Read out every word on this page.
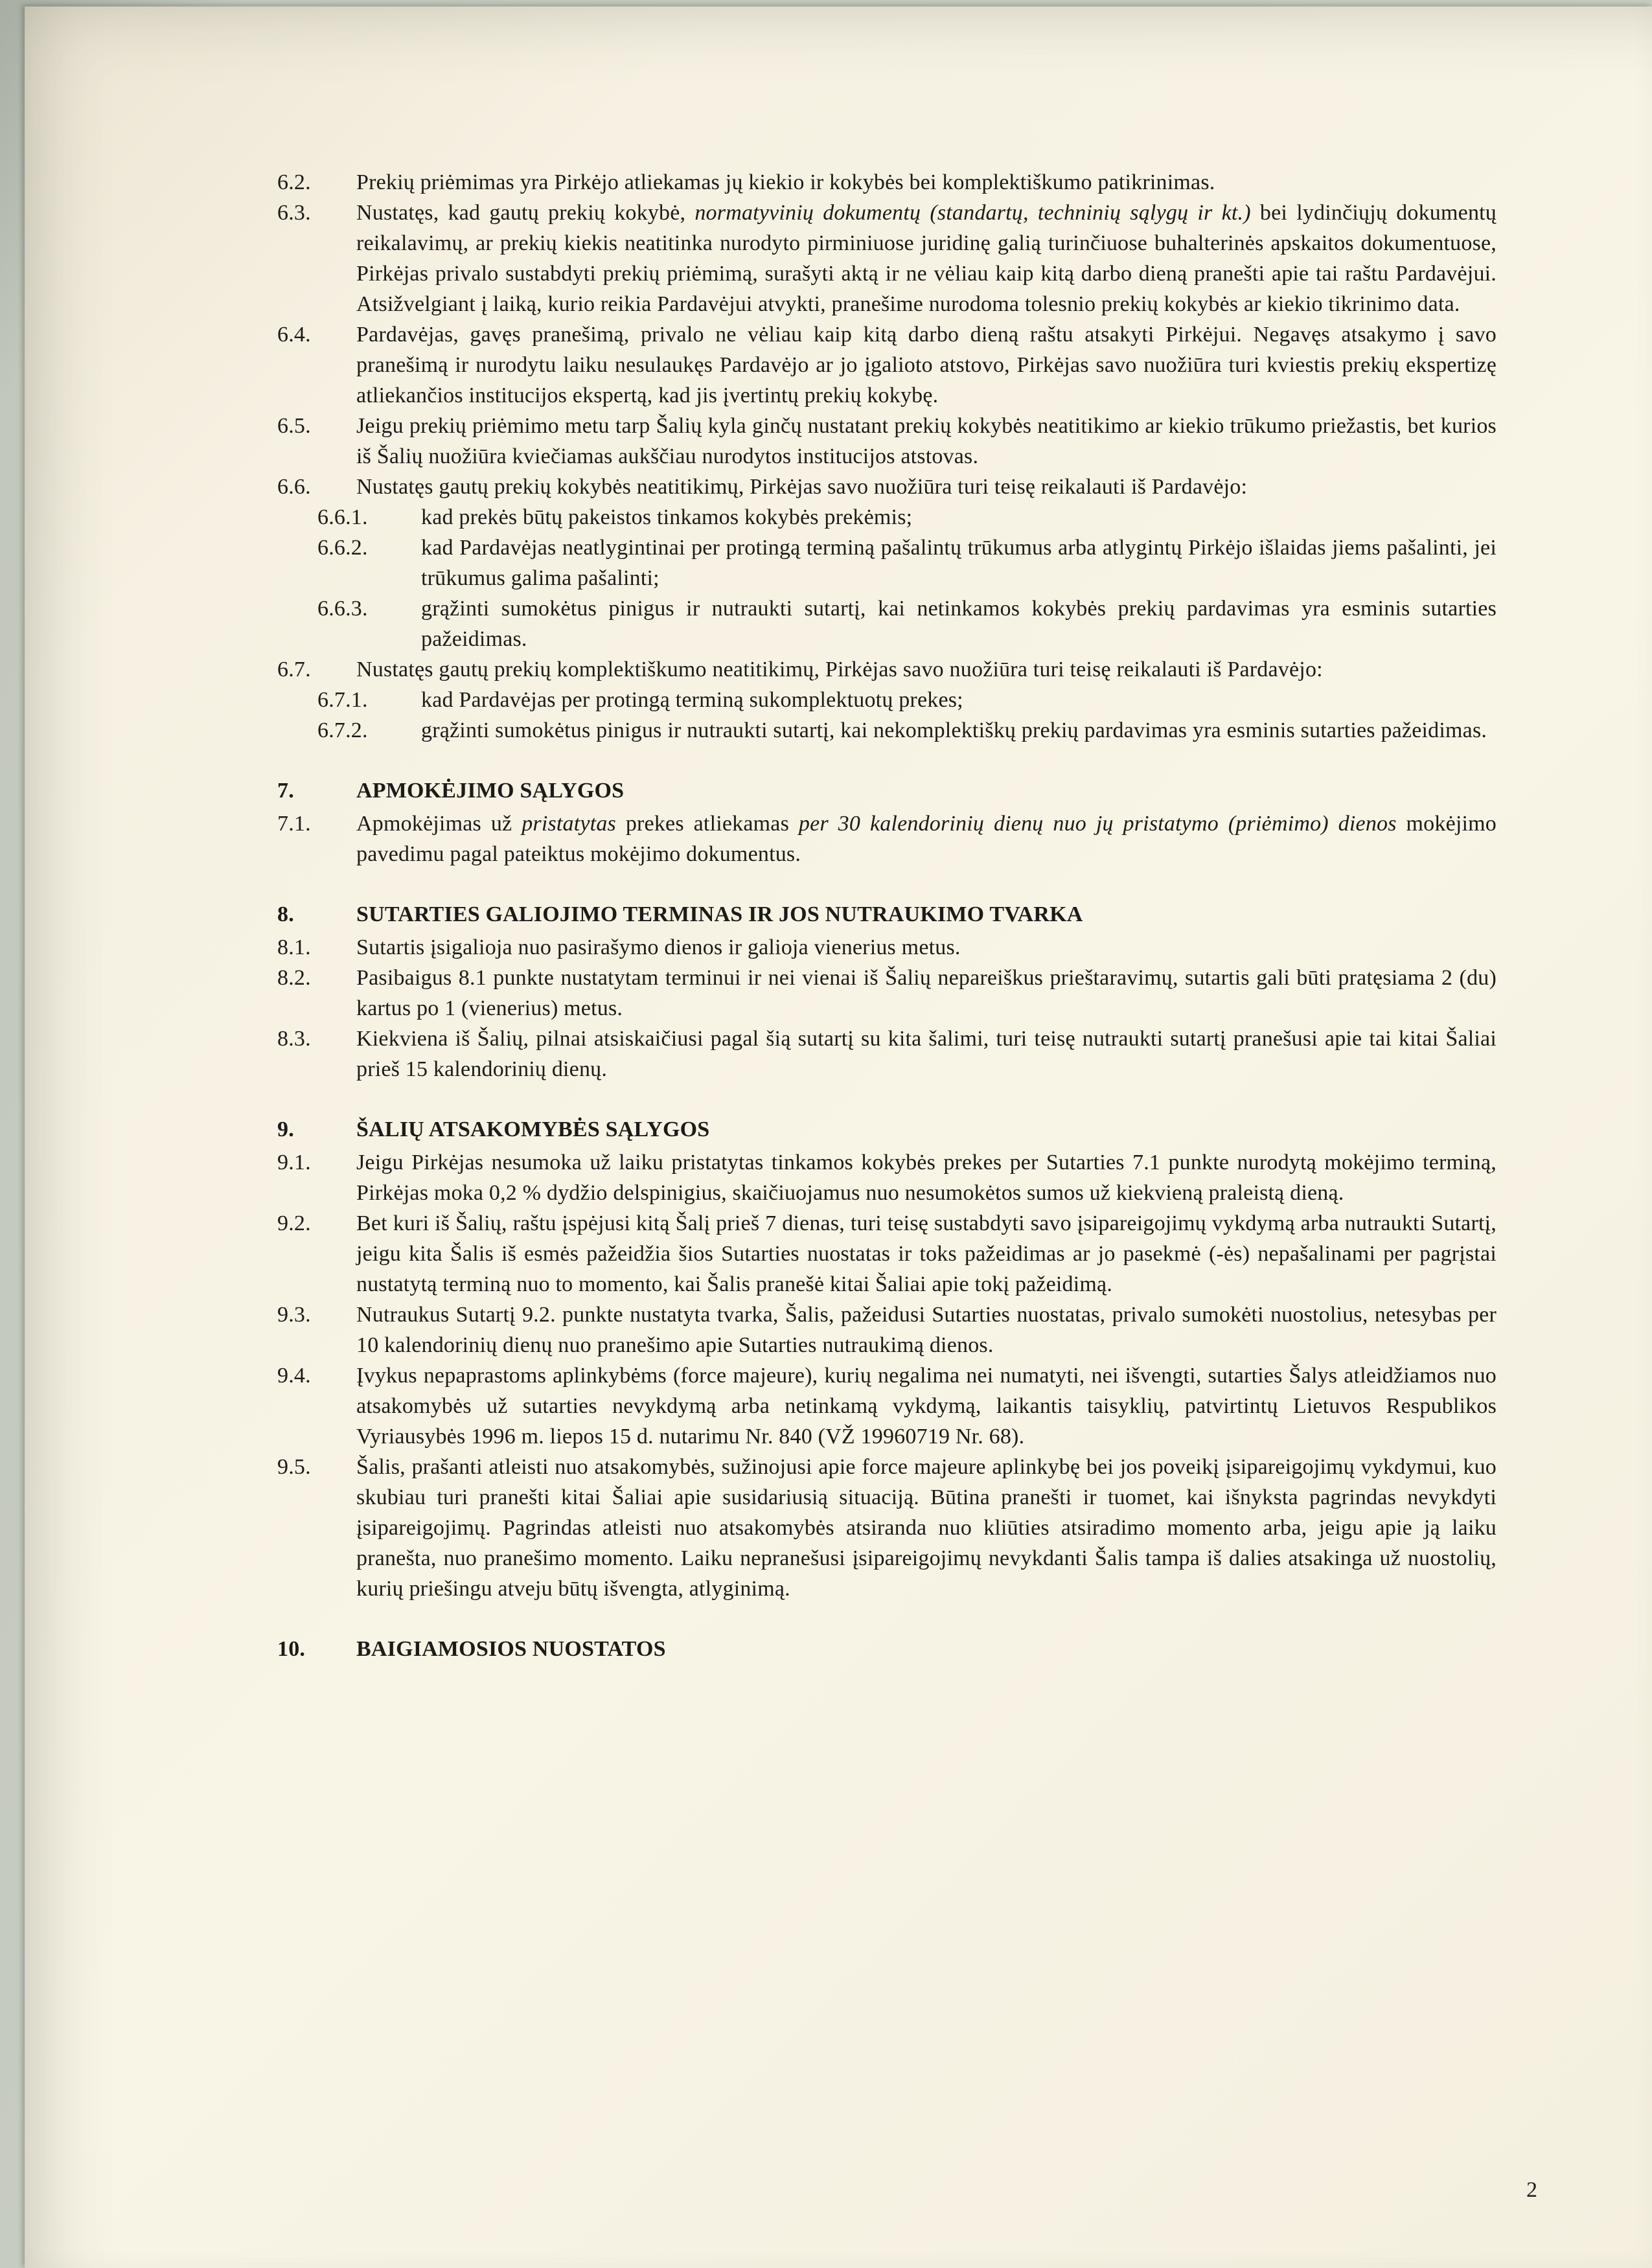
6.2.	Prekių priėmimas yra Pirkėjo atliekamas jų kiekio ir kokybės bei komplektiškumo patikrinimas.
6.3.	Nustatęs, kad gautų prekių kokybė, normatyvinių dokumentų (standartų, techninių sąlygų ir kt.) bei lydinčiųjų dokumentų reikalavimų, ar prekių kiekis neatitinka nurodyto pirminiuose juridinę galią turinčiuose buhalterinės apskaitos dokumentuose, Pirkėjas privalo sustabdyti prekių priėmimą, surašyti aktą ir ne vėliau kaip kitą darbo dieną pranešti apie tai raštu Pardavėjui. Atsižvelgiant į laiką, kurio reikia Pardavėjui atvykti, pranešime nurodoma tolesnio prekių kokybės ar kiekio tikrinimo data.
6.4.	Pardavėjas, gavęs pranešimą, privalo ne vėliau kaip kitą darbo dieną raštu atsakyti Pirkėjui. Negavęs atsakymo į savo pranešimą ir nurodytu laiku nesulaukęs Pardavėjo ar jo įgalioto atstovo, Pirkėjas savo nuožiūra turi kviestis prekių ekspertizę atliekančios institucijos ekspertą, kad jis įvertintų prekių kokybę.
6.5.	Jeigu prekių priėmimo metu tarp Šalių kyla ginčų nustatant prekių kokybės neatitikimo ar kiekio trūkumo priežastis, bet kurios iš Šalių nuožiūra kviečiamas aukščiau nurodytos institucijos atstovas.
6.6.	Nustatęs gautų prekių kokybės neatitikimų, Pirkėjas savo nuožiūra turi teisę reikalauti iš Pardavėjo:
6.6.1.	kad prekės būtų pakeistos tinkamos kokybės prekėmis;
6.6.2.	kad Pardavėjas neatlygintinai per protingą terminą pašalintų trūkumus arba atlygintų Pirkėjo išlaidas jiems pašalinti, jei trūkumus galima pašalinti;
6.6.3.	grąžinti sumokėtus pinigus ir nutraukti sutartį, kai netinkamos kokybės prekių pardavimas yra esminis sutarties pažeidimas.
6.7.	Nustatęs gautų prekių komplektiškumo neatitikimų, Pirkėjas savo nuožiūra turi teisę reikalauti iš Pardavėjo:
6.7.1.	kad Pardavėjas per protingą terminą sukomplektuotų prekes;
6.7.2.	grąžinti sumokėtus pinigus ir nutraukti sutartį, kai nekomplektiškų prekių pardavimas yra esminis sutarties pažeidimas.
7.	APMOKĖJIMO SĄLYGOS
7.1.	Apmokėjimas už pristatytas prekes atliekamas per 30 kalendorinių dienų nuo jų pristatymo (priėmimo) dienos mokėjimo pavedimu pagal pateiktus mokėjimo dokumentus.
8.	SUTARTIES GALIOJIMO TERMINAS IR JOS NUTRAUKIMO TVARKA
8.1.	Sutartis įsigalioja nuo pasirašymo dienos ir galioja vienerius metus.
8.2.	Pasibaigus 8.1 punkte nustatytam terminui ir nei vienai iš Šalių nepareiškus prieštaravimų, sutartis gali būti pratęsiama 2 (du) kartus po 1 (vienerius) metus.
8.3.	Kiekviena iš Šalių, pilnai atsiskaičiusi pagal šią sutartį su kita šalimi, turi teisę nutraukti sutartį pranešusi apie tai kitai Šaliai prieš 15 kalendorinių dienų.
9.	ŠALIŲ ATSAKOMYBĖS SĄLYGOS
9.1.	Jeigu Pirkėjas nesumoka už laiku pristatytas tinkamos kokybės prekes per Sutarties 7.1 punkte nurodytą mokėjimo terminą, Pirkėjas moka 0,2 % dydžio delspinigius, skaičiuojamus nuo nesumokėtos sumos už kiekvieną praleistą dieną.
9.2.	Bet kuri iš Šalių, raštu įspėjusi kitą Šalį prieš 7 dienas, turi teisę sustabdyti savo įsipareigojimų vykdymą arba nutraukti Sutartį, jeigu kita Šalis iš esmės pažeidžia šios Sutarties nuostatas ir toks pažeidimas ar jo pasekmė (-ės) nepašalinami per pagrįstai nustatytą terminą nuo to momento, kai Šalis pranešė kitai Šaliai apie tokį pažeidimą.
9.3.	Nutraukus Sutartį 9.2. punkte nustatyta tvarka, Šalis, pažeidusi Sutarties nuostatas, privalo sumokėti nuostolius, netesybas per 10 kalendorinių dienų nuo pranešimo apie Sutarties nutraukimą dienos.
9.4.	Įvykus nepaprastoms aplinkybėms (force majeure), kurių negalima nei numatyti, nei išvengti, sutarties Šalys atleidžiamos nuo atsakomybės už sutarties nevykdymą arba netinkamą vykdymą, laikantis taisyklių, patvirtintų Lietuvos Respublikos Vyriausybės 1996 m. liepos 15 d. nutarimu Nr. 840 (VŽ 19960719 Nr. 68).
9.5.	Šalis, prašanti atleisti nuo atsakomybės, sužinojusi apie force majeure aplinkybę bei jos poveikį įsipareigojimų vykdymui, kuo skubiau turi pranešti kitai Šaliai apie susidariusią situaciją. Būtina pranešti ir tuomet, kai išnyksta pagrindas nevykdyti įsipareigojimų. Pagrindas atleisti nuo atsakomybės atsiranda nuo kliūties atsiradimo momento arba, jeigu apie ją laiku pranešta, nuo pranešimo momento. Laiku nepranešusi įsipareigojimų nevykdanti Šalis tampa iš dalies atsakinga už nuostolių, kurių priešingu atveju būtų išvengta, atlyginimą.
10.	BAIGIAMOSIOS NUOSTATOS
2
